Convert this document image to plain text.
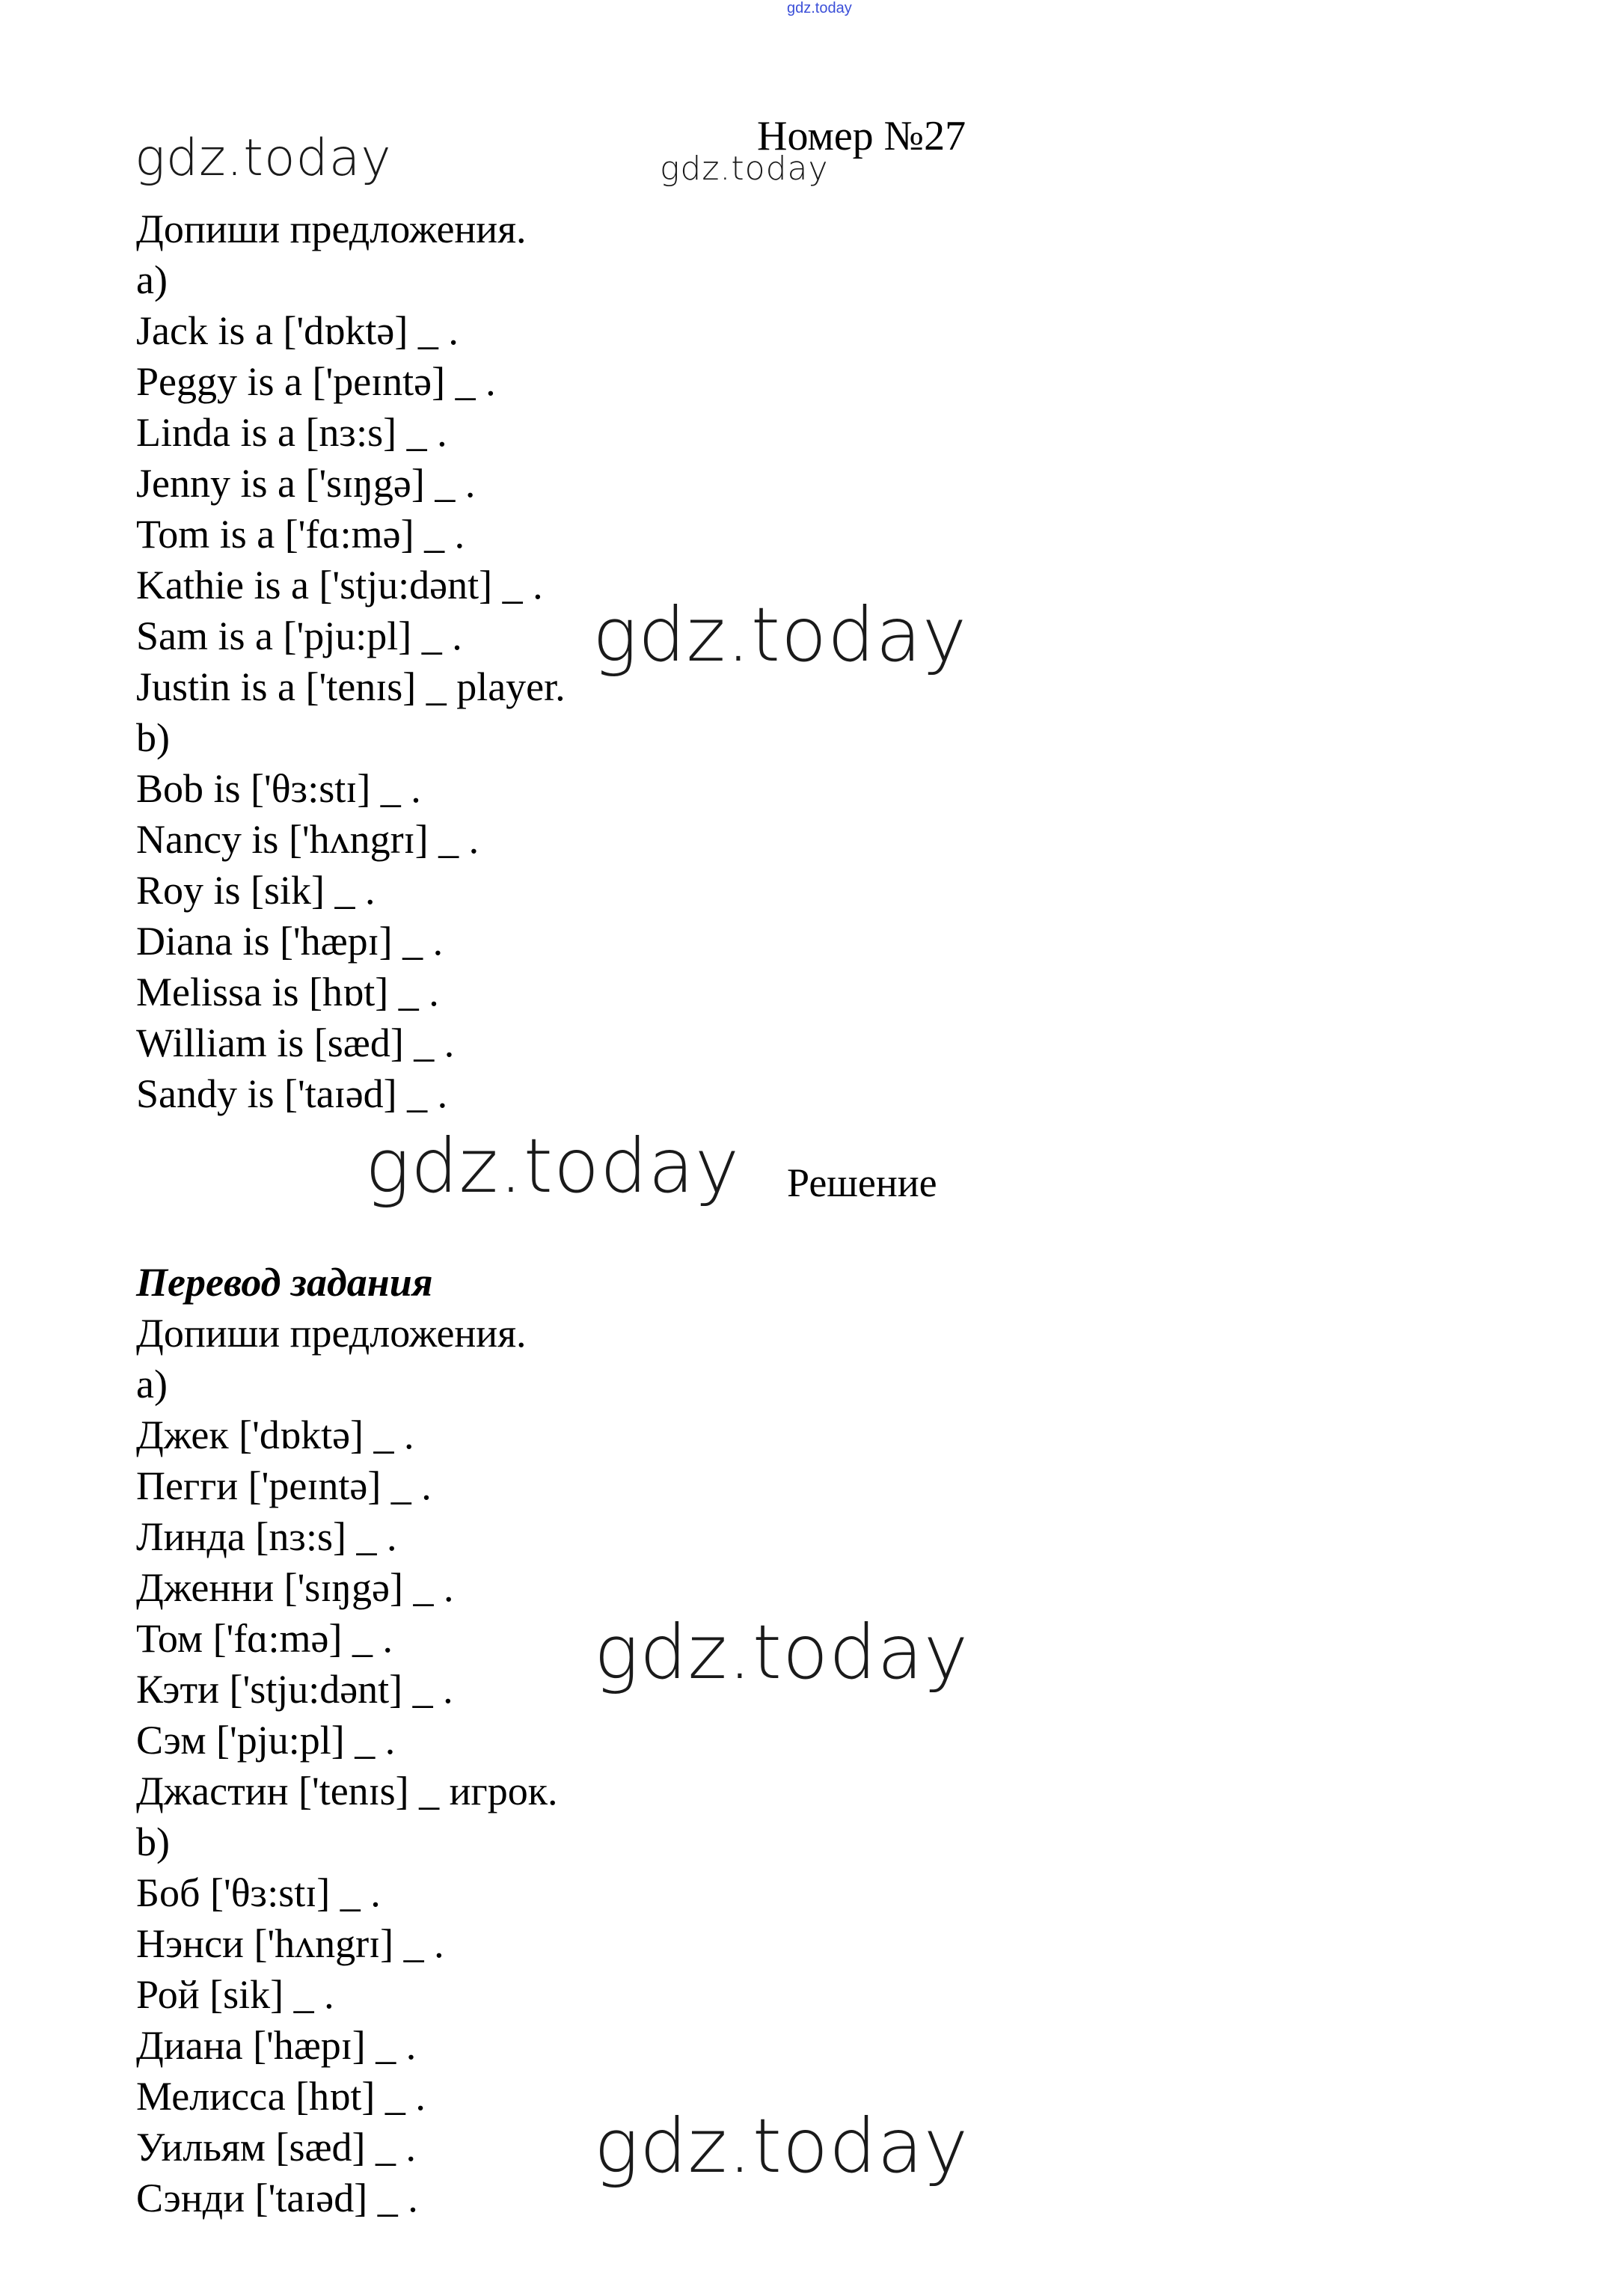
gdz.today
Номер №27
gdz.today	gdz.today
gdz.today
gdz.today
gdz.today
gdz.today
Допиши предложения.
a)
Jack is a ['dɒktə] _ .
Peggy is a ['peɪntə] _ .
Linda is a [nɜ:s] _ .
Jenny is a ['sɪŋgə] _ .
Tom is a ['fɑ:mə] _ .
Kathie is a ['stju:dənt] _ .
Sam is a ['pju:pl] _ .
Justin is a ['tenɪs] _ player.
b)
Bob is ['θɜ:stɪ] _ .
Nancy is ['hʌngrɪ] _ .
Roy is [sik] _ .
Diana is ['hæpɪ] _ .
Melissa is [hɒt] _ .
William is [sæd] _ .
Sandy is ['taɪəd] _ .
Решение
Перевод задания
Допиши предложения.
a)
Джек ['dɒktə] _ .
Пегги ['peɪntə] _ .
Линда [nɜ:s] _ .
Дженни ['sɪŋgə] _ .
Том ['fɑ:mə] _ .
Кэти ['stju:dənt] _ .
Сэм ['pju:pl] _ .
Джастин ['tenɪs] _ игрок.
b)
Боб ['θɜ:stɪ] _ .
Нэнси ['hʌngrɪ] _ .
Рой [sik] _ .
Диана ['hæpɪ] _ .
Мелисса [hɒt] _ .
Уильям [sæd] _ .
Сэнди ['taɪəd] _ .
